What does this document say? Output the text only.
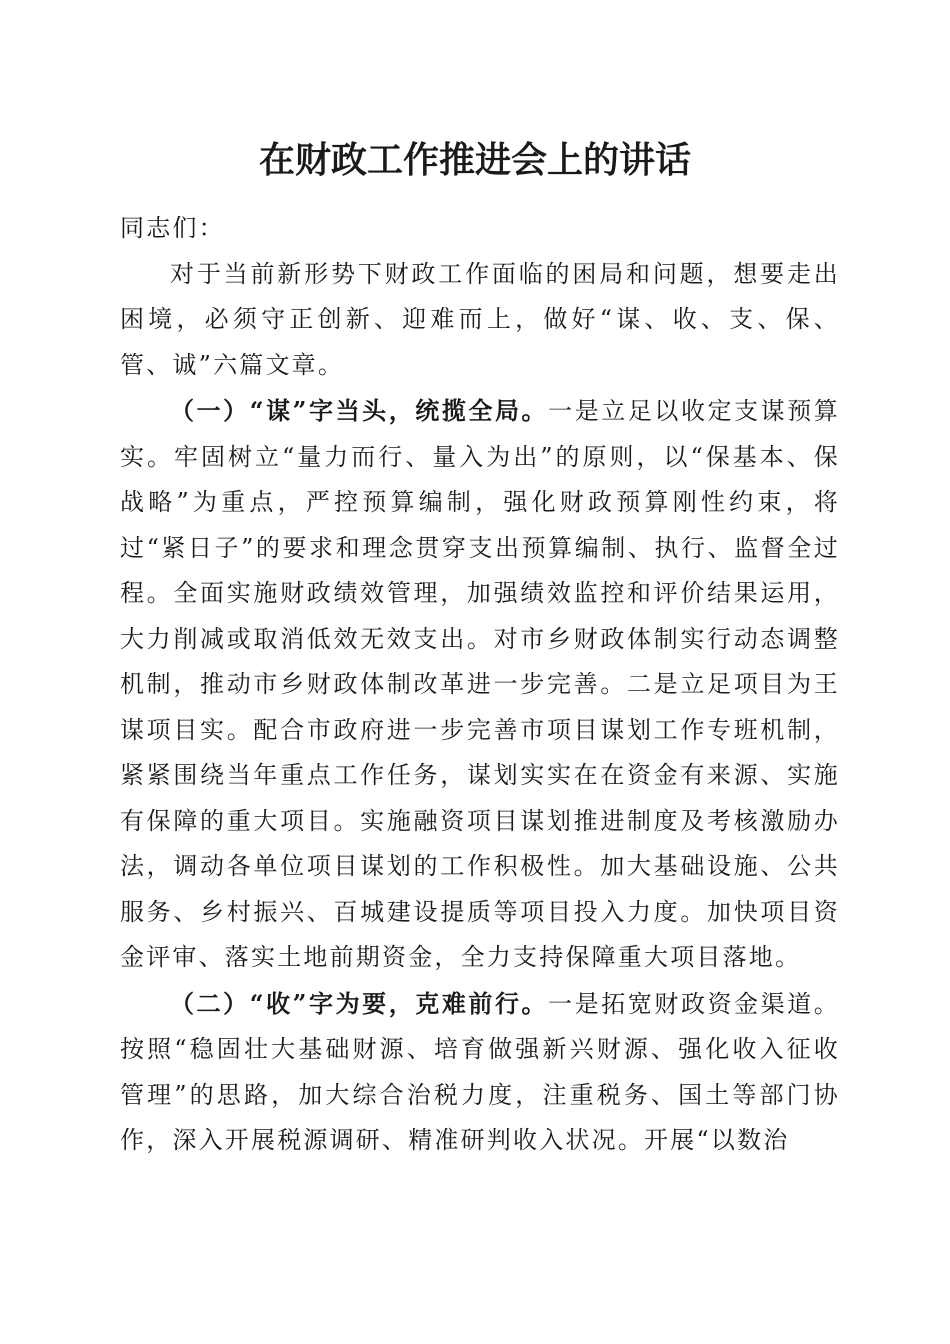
在财政工作推进会上的讲话

同志们：

对于当前新形势下财政工作面临的困局和问题，想要走出困境，必须守正创新、迎难而上，做好“谋、收、支、保、管、诚”六篇文章。

（一）“谋”字当头，统揽全局。一是立足以收定支谋预算实。牢固树立“量力而行、量入为出”的原则，以“保基本、保战略”为重点，严控预算编制，强化财政预算刚性约束，将过“紧日子”的要求和理念贯穿支出预算编制、执行、监督全过程。全面实施财政绩效管理，加强绩效监控和评价结果运用，大力削减或取消低效无效支出。对市乡财政体制实行动态调整机制，推动市乡财政体制改革进一步完善。二是立足项目为王谋项目实。配合市政府进一步完善市项目谋划工作专班机制，紧紧围绕当年重点工作任务，谋划实实在在资金有来源、实施有保障的重大项目。实施融资项目谋划推进制度及考核激励办法，调动各单位项目谋划的工作积极性。加大基础设施、公共服务、乡村振兴、百城建设提质等项目投入力度。加快项目资金评审、落实土地前期资金，全力支持保障重大项目落地。

（二）“收”字为要，克难前行。一是拓宽财政资金渠道。按照“稳固壮大基础财源、培育做强新兴财源、强化收入征收管理”的思路，加大综合治税力度，注重税务、国土等部门协作，深入开展税源调研、精准研判收入状况。开展“以数治
